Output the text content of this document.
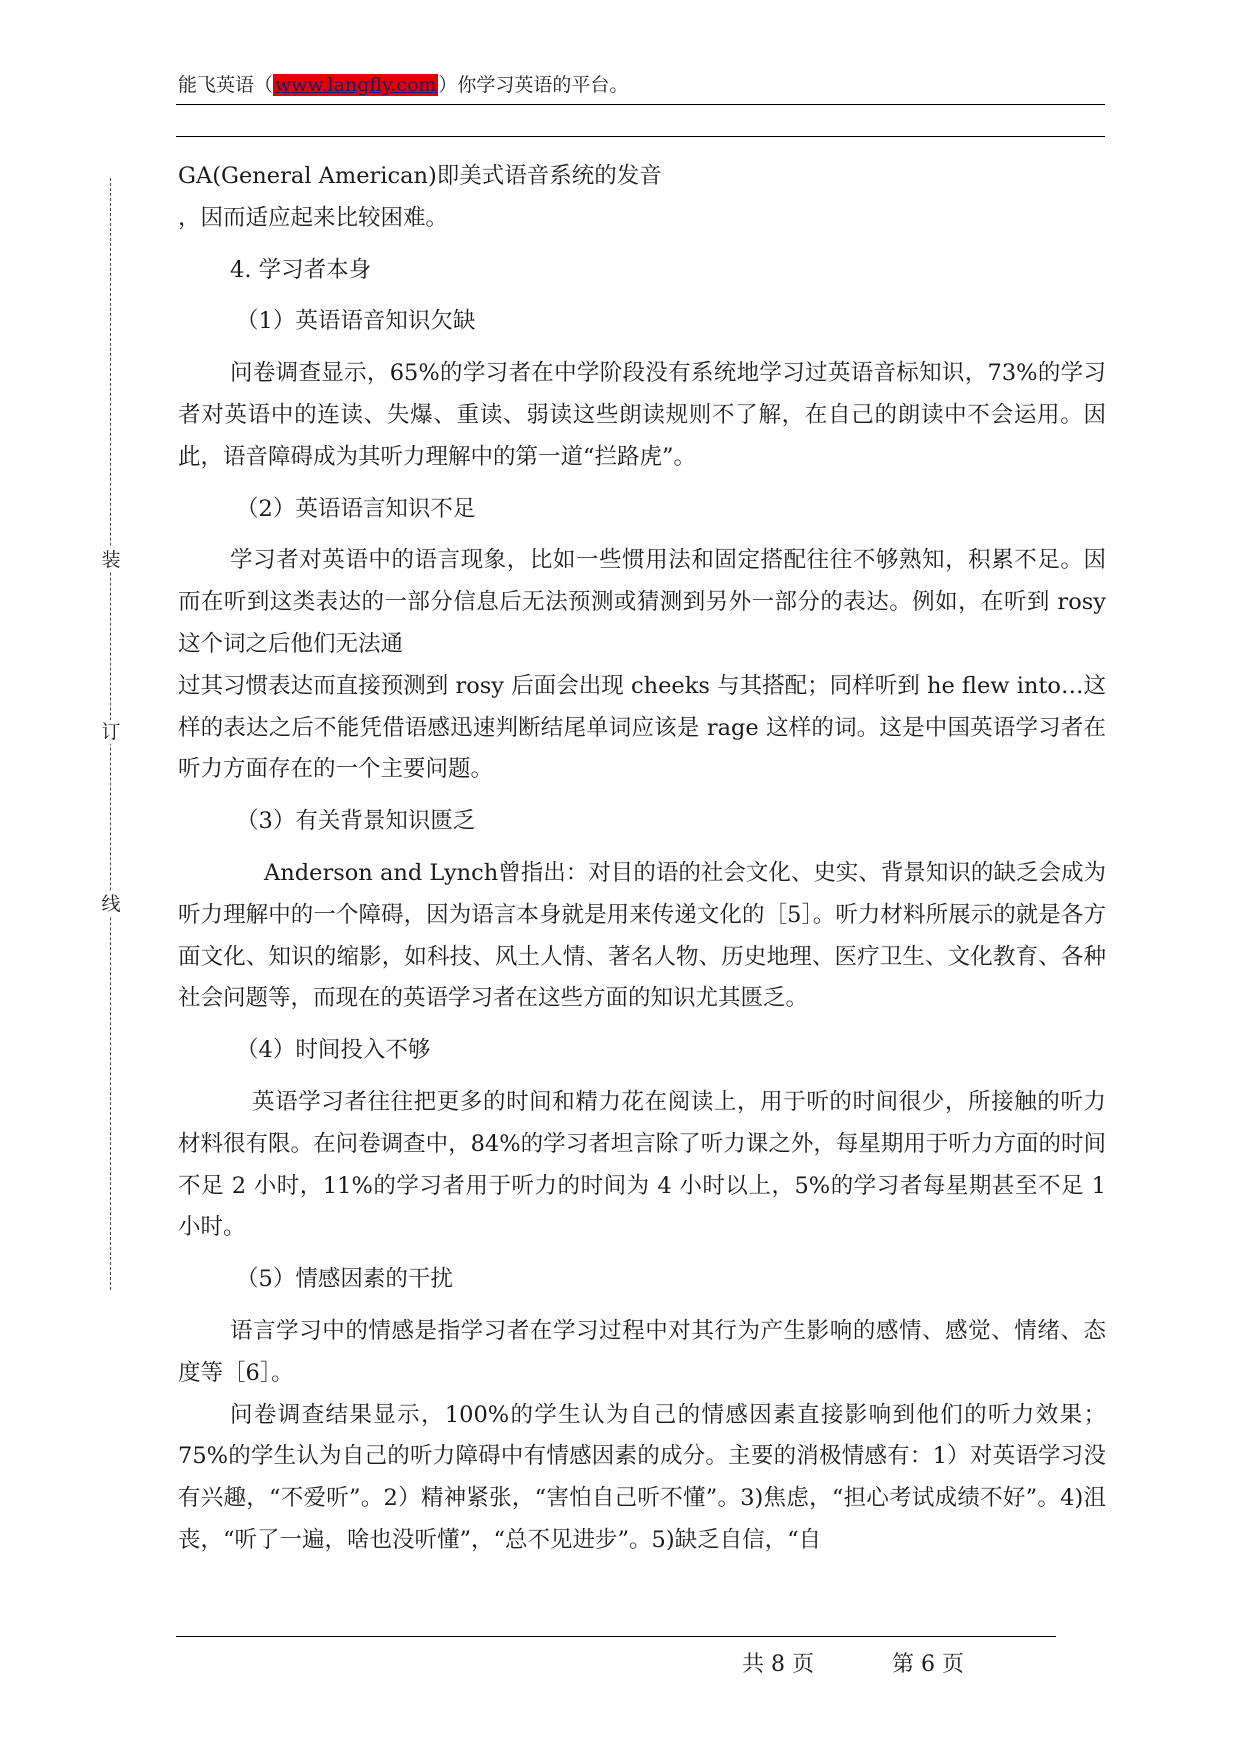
能飞英语（ www.langfly.com ）你学习英语的平台。
装
订
线

GA(General American)即美式语音系统的发音

，因而适应起来比较困难。

4. 学习者本身

（1）英语语音知识欠缺

问卷调查显示，65%的学习者在中学阶段没有系统地学习过英语音标知识，73%的学习者对英语中的连读、失爆、重读、弱读这些朗读规则不了解，在自己的朗读中不会运用。因此，语音障碍成为其听力理解中的第一道“拦路虎”。

（2）英语语言知识不足

学习者对英语中的语言现象，比如一些惯用法和固定搭配往往不够熟知，积累不足。因而在听到这类表达的一部分信息后无法预测或猜测到另外一部分的表达。例如，在听到 rosy 这个词之后他们无法通

过其习惯表达而直接预测到 rosy 后面会出现 cheeks 与其搭配；同样听到 he flew into…这样的表达之后不能凭借语感迅速判断结尾单词应该是 rage 这样的词。这是中国英语学习者在听力方面存在的一个主要问题。

（3）有关背景知识匮乏

Anderson and Lynch曾指出：对目的语的社会文化、史实、背景知识的缺乏会成为听力理解中的一个障碍，因为语言本身就是用来传递文化的［5］。听力材料所展示的就是各方面文化、知识的缩影，如科技、风土人情、著名人物、历史地理、医疗卫生、文化教育、各种社会问题等，而现在的英语学习者在这些方面的知识尤其匮乏。

（4）时间投入不够

英语学习者往往把更多的时间和精力花在阅读上，用于听的时间很少，所接触的听力材料很有限。在问卷调查中，84%的学习者坦言除了听力课之外，每星期用于听力方面的时间不足 2 小时，11%的学习者用于听力的时间为 4 小时以上，5%的学习者每星期甚至不足 1 小时。

（5）情感因素的干扰

语言学习中的情感是指学习者在学习过程中对其行为产生影响的感情、感觉、情绪、态度等［6］。

问卷调查结果显示，100%的学生认为自己的情感因素直接影响到他们的听力效果；75%的学生认为自己的听力障碍中有情感因素的成分。主要的消极情感有：1）对英语学习没有兴趣，“不爱听”。2）精神紧张，“害怕自己听不懂”。3)焦虑，“担心考试成绩不好”。4)沮丧，“听了一遍，啥也没听懂”，“总不见进步”。5)缺乏自信，“自

共 8 页	第 6 页
